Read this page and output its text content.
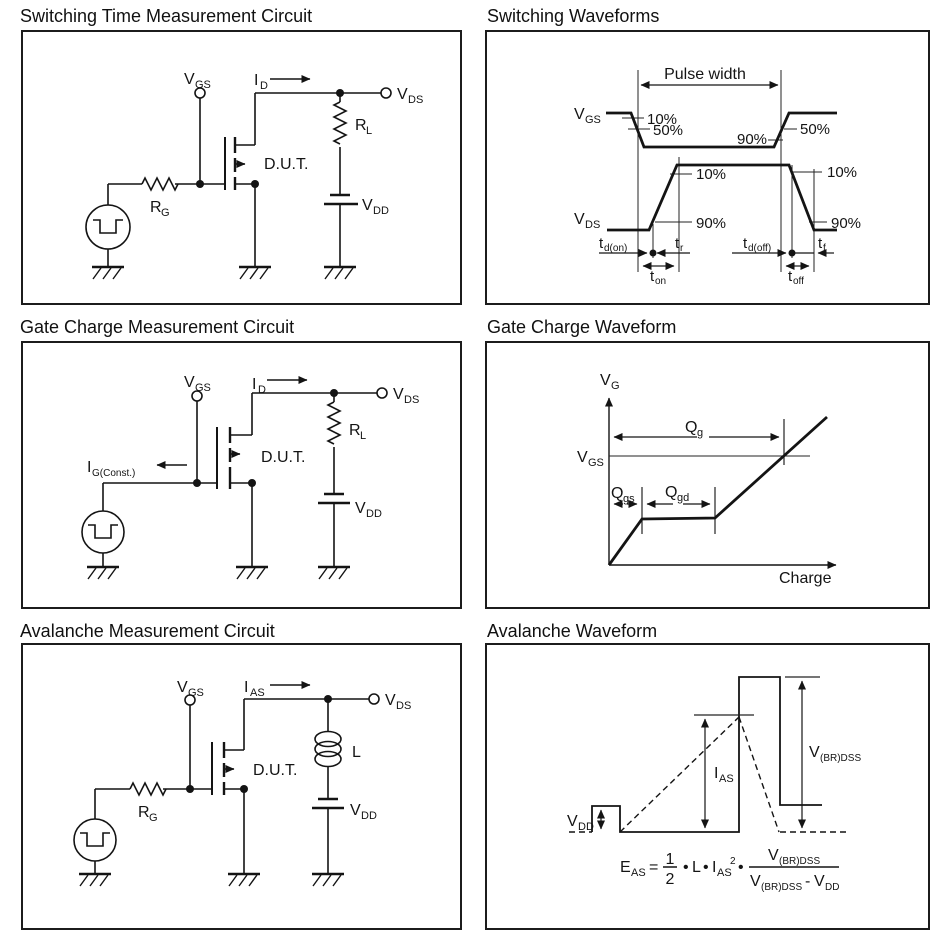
Switching Time Measurement Circuit
V GS	I D	V DS
R L
D.U.T.
V DD
R G
Switching Waveforms
V GS
V DS
Pulse width
10%
50%
90%
50%
10%
90%
10%
90%
t d(on)	t r	t d(off)	t f
t on	t off
Gate Charge Measurement Circuit
V GS	I D	V DS
R L
D.U.T.
V DD
I G(Const.)
Gate Charge Waveform
V G
V GS
Q g
Q gs Q gd
Charge
Avalanche Measurement Circuit
V GS	I AS	V DS
L
D.U.T.
V DD
R G
Avalanche Waveform
V DD
I AS
V (BR)DSS
E AS = 1
2
• L • I AS
2 •
V (BR)DSS
V (BR)DSS - V DD
